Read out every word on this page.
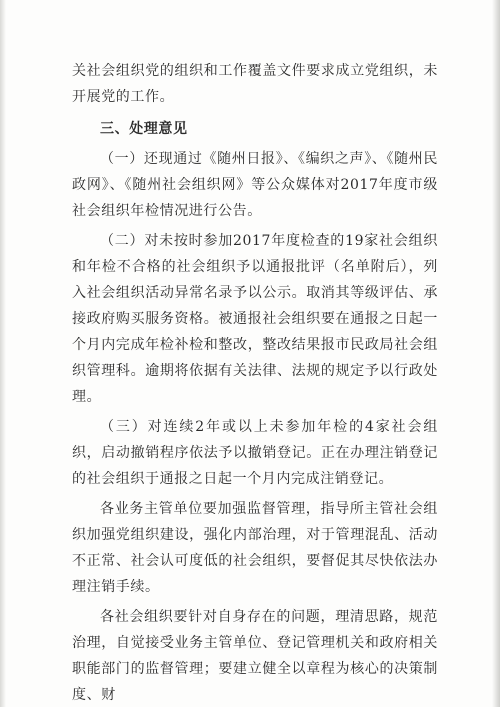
关社会组织党的组织和工作覆盖文件要求成立党组织，未开展党的工作。

三、处理意见

（一）还现通过《随州日报》、《编织之声》、《随州民政网》、《随州社会组织网》等公众媒体对2017年度市级社会组织年检情况进行公告。

（二）对未按时参加2017年度检查的19家社会组织和年检不合格的社会组织予以通报批评（名单附后），列入社会组织活动异常名录予以公示。取消其等级评估、承接政府购买服务资格。被通报社会组织要在通报之日起一个月内完成年检补检和整改，整改结果报市民政局社会组织管理科。逾期将依据有关法律、法规的规定予以行政处理。

（三）对连续2年或以上未参加年检的4家社会组织，启动撤销程序依法予以撤销登记。正在办理注销登记的社会组织于通报之日起一个月内完成注销登记。

各业务主管单位要加强监督管理，指导所主管社会组织加强党组织建设，强化内部治理，对于管理混乱、活动不正常、社会认可度低的社会组织，要督促其尽快依法办理注销手续。

各社会组织要针对自身存在的问题，理清思路，规范治理，自觉接受业务主管单位、登记管理机关和政府相关职能部门的监督管理；要建立健全以章程为核心的决策制度、财
